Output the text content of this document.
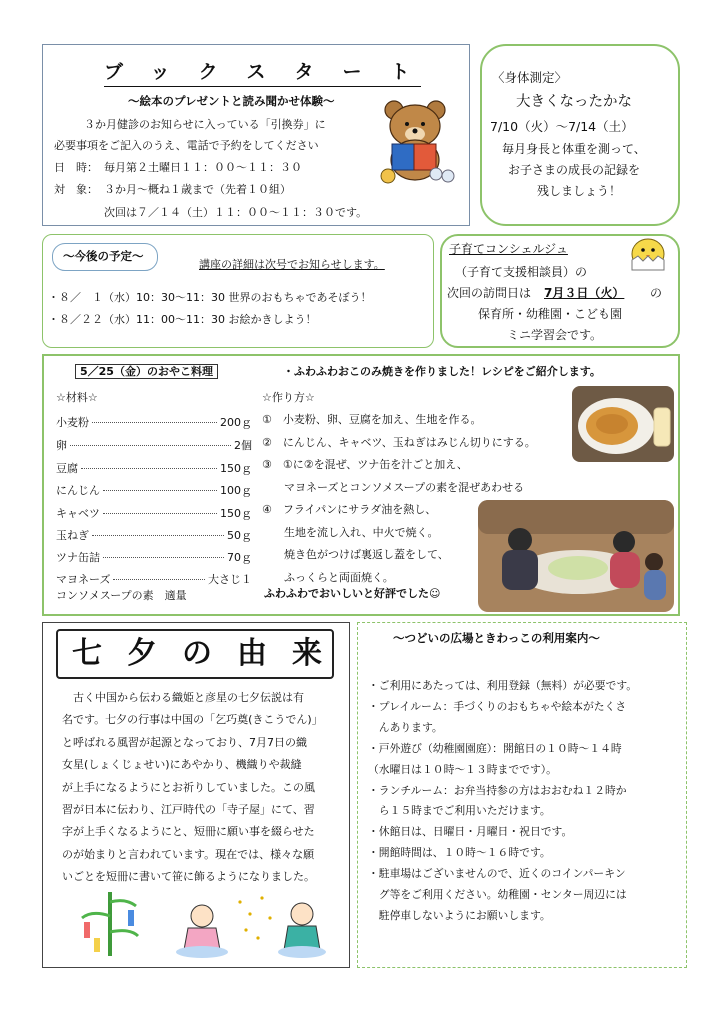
ブックスタート
～絵本のプレゼントと読み聞かせ体験～
３か月健診のお知らせに入っている「引換券」に
必要事項をご記入のうえ、電話で予約をしてください
日　時： 毎月第２土曜日１１：００～１１：３０
対　象： ３か月～概ね１歳まで（先着１０組）
次回は７／１４（土）１１：００～１１：３０です。
〈身体測定〉
大きくなったかな
7/10（火）～7/14（土）
毎月身長と体重を測って、
お子さまの成長の記録を
残しましょう！
～今後の予定～
講座の詳細は次号でお知らせします。
・８／　１（水）10：30～11：30 世界のおもちゃであそぼう！
・８／２２（水）11：00～11：30 お絵かきしよう！
子育てコンシェルジュ
（子育て支援相談員）の
次回の訪問日は 7月３日（火） の
保育所・幼稚園・こども園
ミニ学習会です。
5／25（金）のおやこ料理	・ふわふわおこのみ焼きを作りました！レシピをご紹介します。
☆材料☆
小麦粉	200ｇ
卵	2個
豆腐	150ｇ
にんじん	100ｇ
キャベツ	150ｇ
玉ねぎ	50ｇ
ツナ缶詰	70ｇ
マヨネーズ	大さじ１
コンソメスープの素　適量
☆作り方☆
①　小麦粉、卵、豆腐を加え、生地を作る。
②　にんじん、キャベツ、玉ねぎはみじん切りにする。
③　①に②を混ぜ、ツナ缶を汁ごと加え、
　　マヨネーズとコンソメスープの素を混ぜあわせる
④　フライパンにサラダ油を熱し、
　　生地を流し入れ、中火で焼く。
　　焼き色がつけば裏返し蓋をして、
　　ふっくらと両面焼く。
ふわふわでおいしいと好評でした☺
七 夕 の 由 来
　古く中国から伝わる織姫と彦星の七夕伝説は有
名です。七夕の行事は中国の「乞巧奠(きこうでん)」
と呼ばれる風習が起源となっており、7月7日の織
女星(しょくじょせい)にあやかり、機織りや裁縫
が上手になるようにとお祈りしていました。この風
習が日本に伝わり、江戸時代の「寺子屋」にて、習
字が上手くなるようにと、短冊に願い事を綴らせた
のが始まりと言われています。現在では、様々な願
いごとを短冊に書いて笹に飾るようになりました。
～つどいの広場ときわっこの利用案内～
・ご利用にあたっては、利用登録（無料）が必要です。
・プレイルーム：手づくりのおもちゃや絵本がたくさ
　んあります。
・戸外遊び（幼稚園園庭）：開館日の１０時～１４時
（水曜日は１０時～１３時までです）。
・ランチルーム：お弁当持参の方はおおむね１２時か
　ら１５時までご利用いただけます。
・休館日は、日曜日・月曜日・祝日です。
・開館時間は、１０時～１６時です。
・駐車場はございませんので、近くのコインパーキン
　グ等をご利用ください。幼稚園・センター周辺には
　駐停車しないようにお願いします。
